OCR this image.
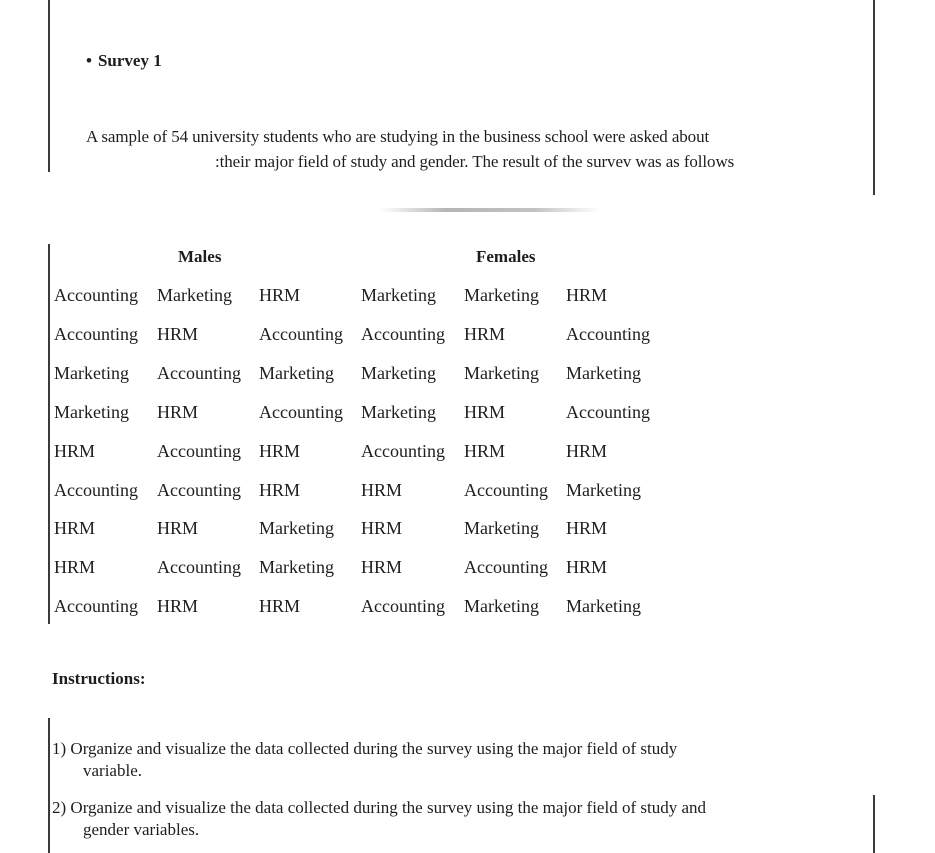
• Survey 1
A sample of 54 university students who are studying in the business school were asked about
:their major field of study and gender. The result of the survev was as follows
Males	Females
Accounting Marketing HRM	Marketing Marketing HRM
Accounting HRM	Accounting Accounting HRM	Accounting
Marketing Accounting Marketing Marketing Marketing Marketing
Marketing HRM	Accounting Marketing HRM	Accounting
HRM	Accounting HRM	Accounting HRM	HRM
Accounting Accounting HRM	HRM	Accounting Marketing
HRM	HRM	Marketing HRM	Marketing HRM
HRM	Accounting Marketing HRM	Accounting HRM
Accounting HRM	HRM	Accounting Marketing Marketing
Instructions:
1) Organize and visualize the data collected during the survey using the major field of study
variable.
2) Organize and visualize the data collected during the survey using the major field of study and
gender variables.
